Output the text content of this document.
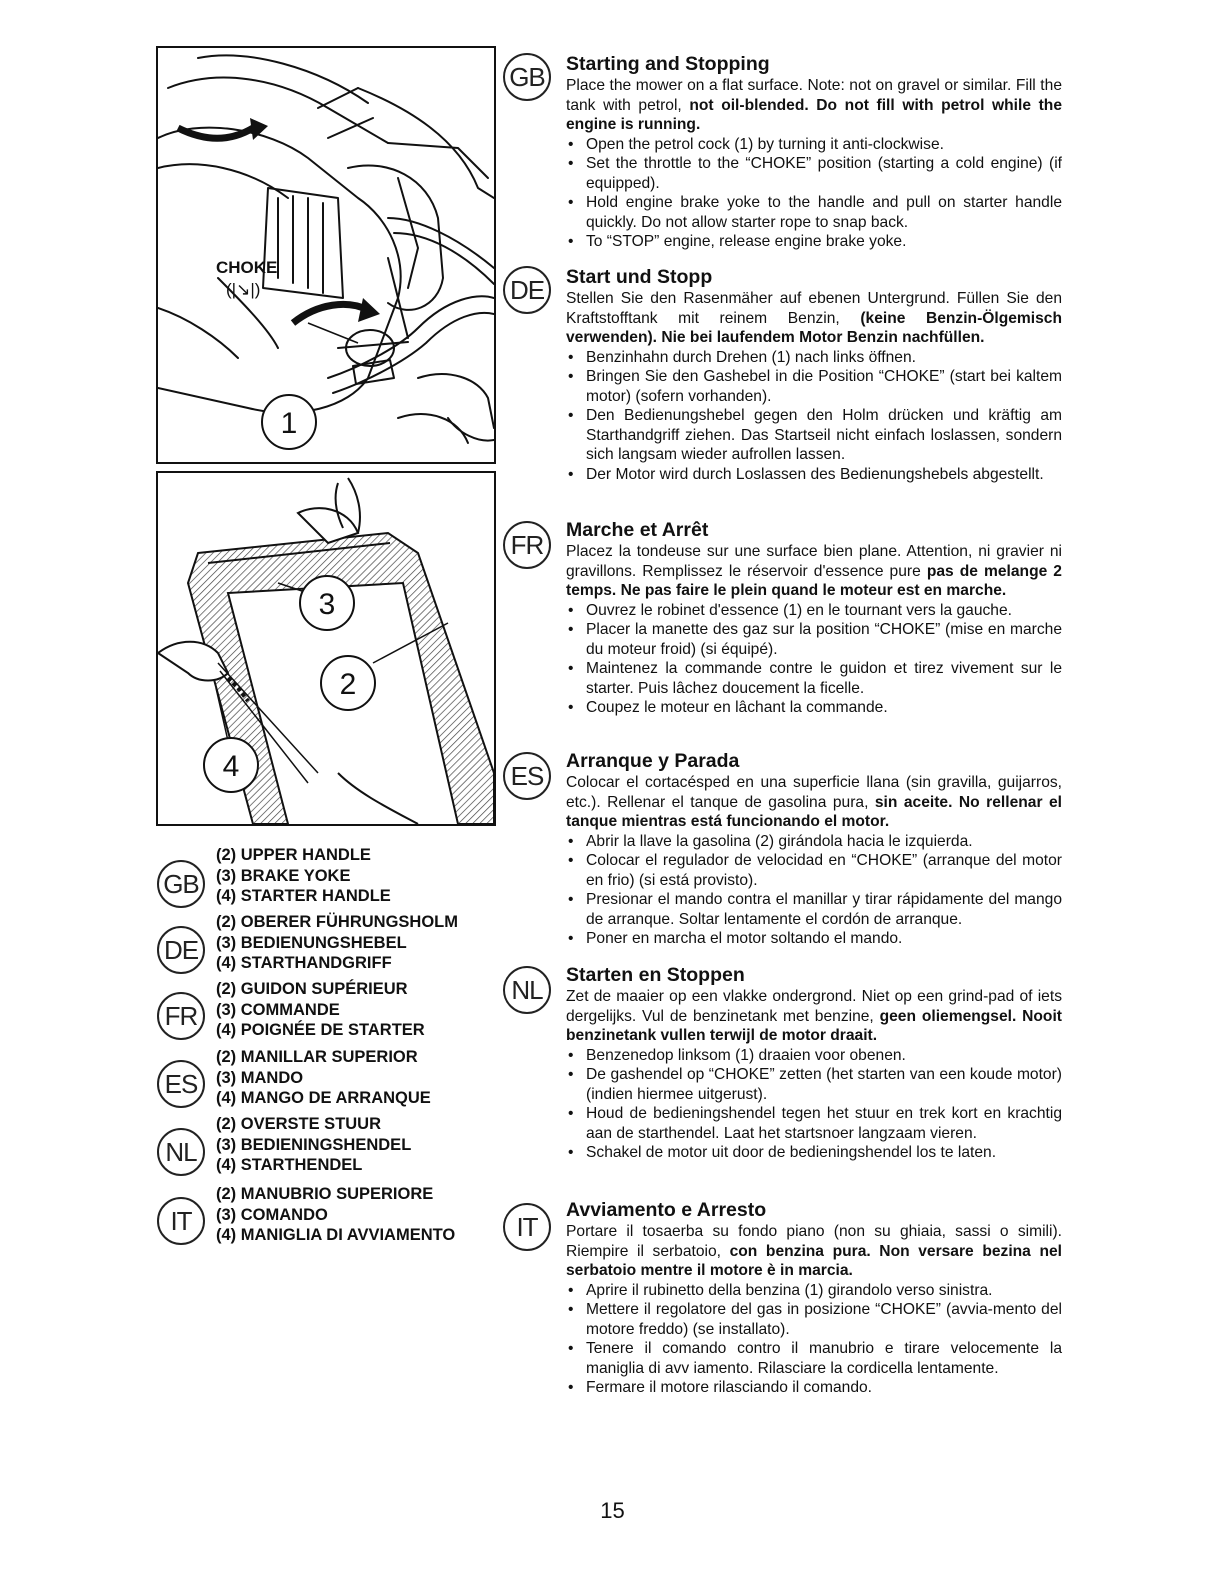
CHOKE
(|↘|)
1
3
2
4
GB
(2) UPPER HANDLE
(3) BRAKE YOKE
(4) STARTER HANDLE
DE
(2) OBERER FÜHRUNGSHOLM
(3) BEDIENUNGSHEBEL
(4) STARTHANDGRIFF
FR
(2) GUIDON SUPÉRIEUR
(3) COMMANDE
(4) POIGNÉE DE STARTER
ES
(2) MANILLAR SUPERIOR
(3) MANDO
(4) MANGO DE ARRANQUE
NL
(2) OVERSTE STUUR
(3) BEDIENINGSHENDEL
(4) STARTHENDEL
IT
(2) MANUBRIO SUPERIORE
(3) COMANDO
(4) MANIGLIA DI AVVIAMENTO
GB	Starting and Stopping

Place the mower on a flat surface. Note: not on gravel or similar. Fill the tank with petrol, not oil-blended. Do not fill with petrol while the engine is running.

• Open the petrol cock (1) by turning it anti-clockwise.
• Set the throttle to the “CHOKE” position (starting a cold engine) (if equipped).
• Hold engine brake yoke to the handle and pull on starter handle quickly. Do not allow starter rope to snap back.
• To “STOP” engine, release engine brake yoke.
DE	Start und Stopp

Stellen Sie den Rasenmäher auf ebenen Untergrund. Füllen Sie den Kraftstofftank mit reinem Benzin, (keine Benzin-Ölgemisch verwenden). Nie bei laufendem Motor Benzin nachfüllen.

• Benzinhahn durch Drehen (1) nach links öffnen.
• Bringen Sie den Gashebel in die Position “CHOKE” (start bei kaltem motor) (sofern vorhanden).
• Den Bedienungshebel gegen den Holm drücken und kräftig am Starthandgriff ziehen. Das Startseil nicht einfach loslassen, sondern sich langsam wieder aufrollen lassen.
• Der Motor wird durch Loslassen des Bedienungshebels abgestellt.
FR	Marche et Arrêt

Placez la tondeuse sur une surface bien plane. Attention, ni gravier ni gravillons. Remplissez le réservoir d'essence pure pas de melange 2 temps. Ne pas faire le plein quand le moteur est en marche.

• Ouvrez le robinet d'essence (1) en le tournant vers la gauche.
• Placer la manette des gaz sur la position “CHOKE” (mise en marche du moteur froid) (si équipé).
• Maintenez la commande contre le guidon et tirez vivement sur le starter. Puis lâchez doucement la ficelle.
• Coupez le moteur en lâchant la commande.
ES	Arranque y Parada

Colocar el cortacésped en una superficie llana (sin gravilla, guijarros, etc.). Rellenar el tanque de gasolina pura, sin aceite. No rellenar el tanque mientras está funcionando el motor.

• Abrir la llave la gasolina (2) girándola hacia le izquierda.
• Colocar el regulador de velocidad en “CHOKE” (arranque del motor en frio) (si está provisto).
• Presionar el mando contra el manillar y tirar rápidamente del mango de arranque. Soltar lentamente el cordón de arranque.
• Poner en marcha el motor soltando el mando.
NL	Starten en Stoppen

Zet de maaier op een vlakke ondergrond. Niet op een grind-pad of iets dergelijks. Vul de benzinetank met benzine, geen oliemengsel. Nooit benzinetank vullen terwijl de motor draait.

• Benzenedop linksom (1) draaien voor obenen.
• De gashendel op “CHOKE” zetten (het starten van een koude motor) (indien hiermee uitgerust).
• Houd de bedieningshendel tegen het stuur en trek kort en krachtig aan de starthendel. Laat het startsnoer langzaam vieren.
• Schakel de motor uit door de bedieningshendel los te laten.
IT
Avviamento e Arresto

Portare il tosaerba su fondo piano (non su ghiaia, sassi o simili). Riempire il serbatoio, con benzina pura. Non versare bezina nel serbatoio mentre il motore è in marcia.

• Aprire il rubinetto della benzina (1) girandolo verso sinistra.
• Mettere il regolatore del gas in posizione “CHOKE” (avvia-mento del motore freddo) (se installato).
• Tenere il comando contro il manubrio e tirare velocemente la maniglia di avv iamento. Rilasciare la cordicella lentamente.
• Fermare il motore rilasciando il comando.
15
